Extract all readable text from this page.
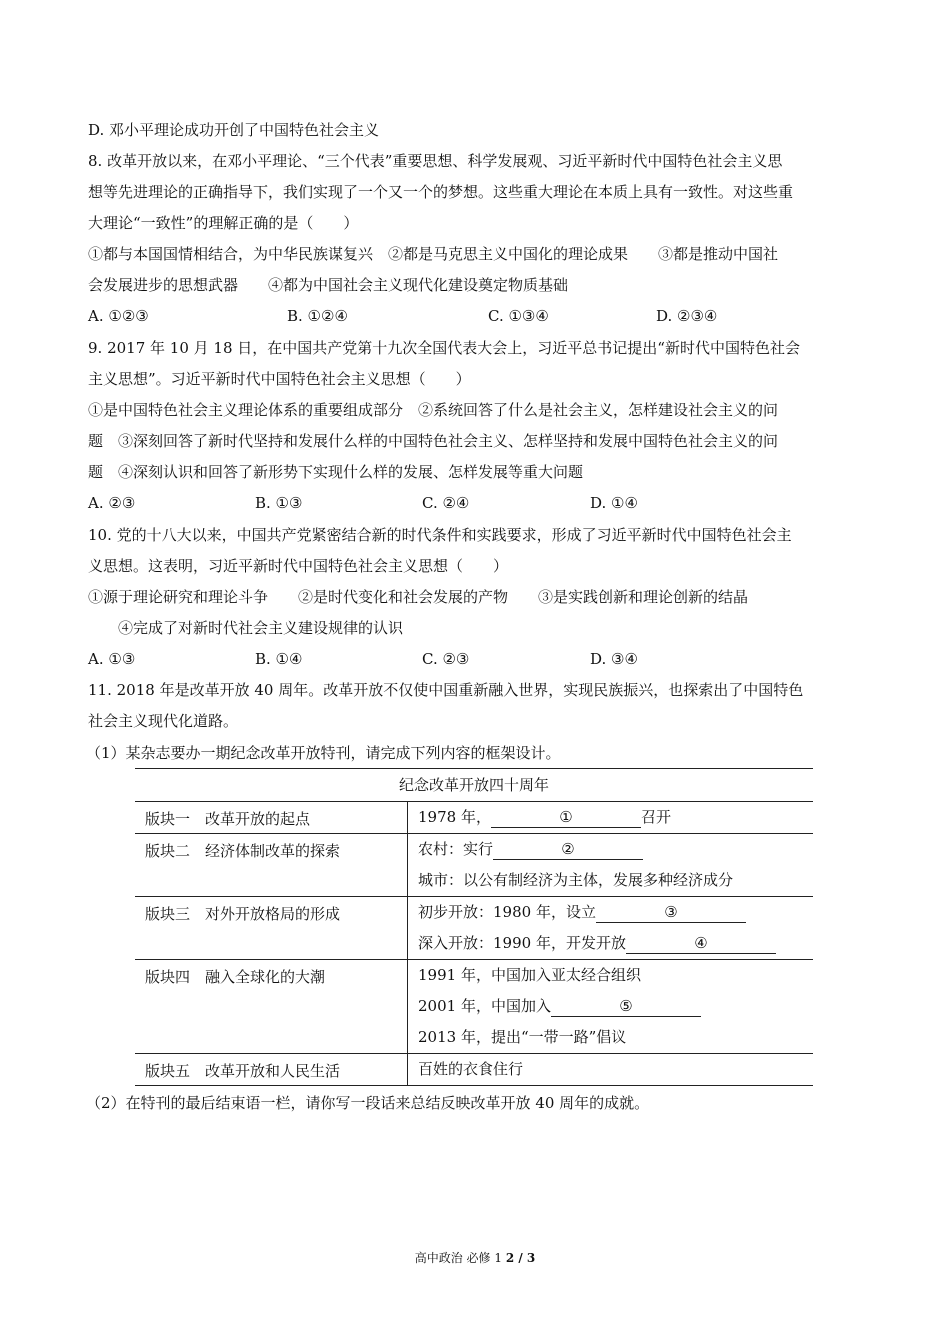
D. 邓小平理论成功开创了中国特色社会主义
8. 改革开放以来，在邓小平理论、“三个代表”重要思想、科学发展观、习近平新时代中国特色社会主义思
想等先进理论的正确指导下，我们实现了一个又一个的梦想。这些重大理论在本质上具有一致性。对这些重
大理论“一致性”的理解正确的是（　　）
①都与本国国情相结合，为中华民族谋复兴　②都是马克思主义中国化的理论成果　　③都是推动中国社
会发展进步的思想武器　　④都为中国社会主义现代化建设奠定物质基础
A. ①②③	B. ①②④	C. ①③④	D. ②③④
9. 2017 年 10 月 18 日，在中国共产党第十九次全国代表大会上，习近平总书记提出“新时代中国特色社会
主义思想”。习近平新时代中国特色社会主义思想（　　）
①是中国特色社会主义理论体系的重要组成部分　②系统回答了什么是社会主义，怎样建设社会主义的问
题　③深刻回答了新时代坚持和发展什么样的中国特色社会主义、怎样坚持和发展中国特色社会主义的问
题　④深刻认识和回答了新形势下实现什么样的发展、怎样发展等重大问题
A. ②③	B. ①③	C. ②④	D. ①④
10. 党的十八大以来，中国共产党紧密结合新的时代条件和实践要求，形成了习近平新时代中国特色社会主
义思想。这表明，习近平新时代中国特色社会主义思想（　　）
①源于理论研究和理论斗争　　②是时代变化和社会发展的产物　　③是实践创新和理论创新的结晶
　　④完成了对新时代社会主义建设规律的认识
A. ①③	B. ①④	C. ②③	D. ③④
11. 2018 年是改革开放 40 周年。改革开放不仅使中国重新融入世界，实现民族振兴，也探索出了中国特色
社会主义现代化道路。
（1）某杂志要办一期纪念改革开放特刊，请完成下列内容的框架设计。
纪念改革开放四十周年	
版块一　改革开放的起点	1978 年， ① 召开

版块二　经济体制改革的探索	农村：实行 ②
城市：以公有制经济为主体，发展多种经济成分

版块三　对外开放格局的形成	初步开放：1980 年，设立 ③
深入开放：1990 年，开发开放 ④

版块四　融入全球化的大潮	1991 年，中国加入亚太经合组织
2001 年，中国加入 ⑤
2013 年，提出“一带一路”倡议

版块五　改革开放和人民生活	百姓的衣食住行
（2）在特刊的最后结束语一栏，请你写一段话来总结反映改革开放 40 周年的成就。
高中政治 必修 1 2 / 3
